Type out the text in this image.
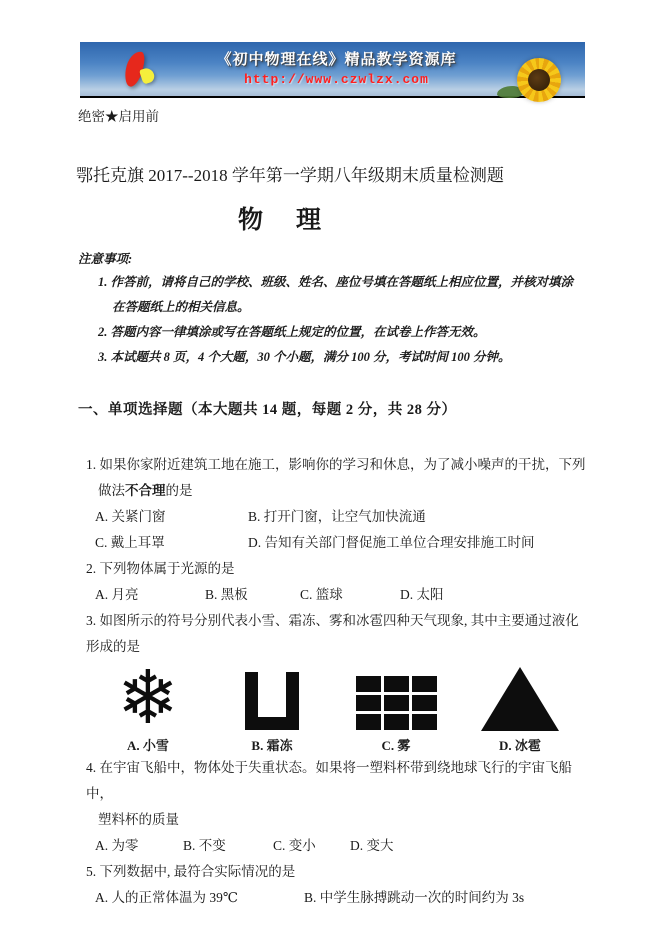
《初中物理在线》精品教学资源库
http://www.czwlzx.com
绝密★启用前
鄂托克旗 2017--2018 学年第一学期八年级期末质量检测题
物　理
注意事项:
1. 作答前，请将自己的学校、班级、姓名、座位号填在答题纸上相应位置，并核对填涂在答题纸上的相关信息。
2. 答题内容一律填涂或写在答题纸上规定的位置，在试卷上作答无效。
3. 本试题共 8 页，4 个大题，30 个小题，满分 100 分，考试时间 100 分钟。
一、单项选择题（本大题共 14 题，每题 2 分，共 28 分）
1. 如果你家附近建筑工地在施工，影响你的学习和休息，为了减小噪声的干扰，下列
做法不合理的是
A. 关紧门窗	B. 打开门窗，让空气加快流通
C. 戴上耳罩	D. 告知有关部门督促施工单位合理安排施工时间
2. 下列物体属于光源的是
A. 月亮	B. 黑板	C. 篮球	D. 太阳
3. 如图所示的符号分别代表小雪、霜冻、雾和冰雹四种天气现象, 其中主要通过液化形成的是
❄
A. 小雪	B. 霜冻	C. 雾	D. 冰雹
4. 在宇宙飞船中，物体处于失重状态。如果将一塑料杯带到绕地球飞行的宇宙飞船中，
塑料杯的质量
A. 为零	B. 不变	C. 变小	D. 变大
5. 下列数据中, 最符合实际情况的是
A. 人的正常体温为 39℃	B. 中学生脉搏跳动一次的时间约为 3s
